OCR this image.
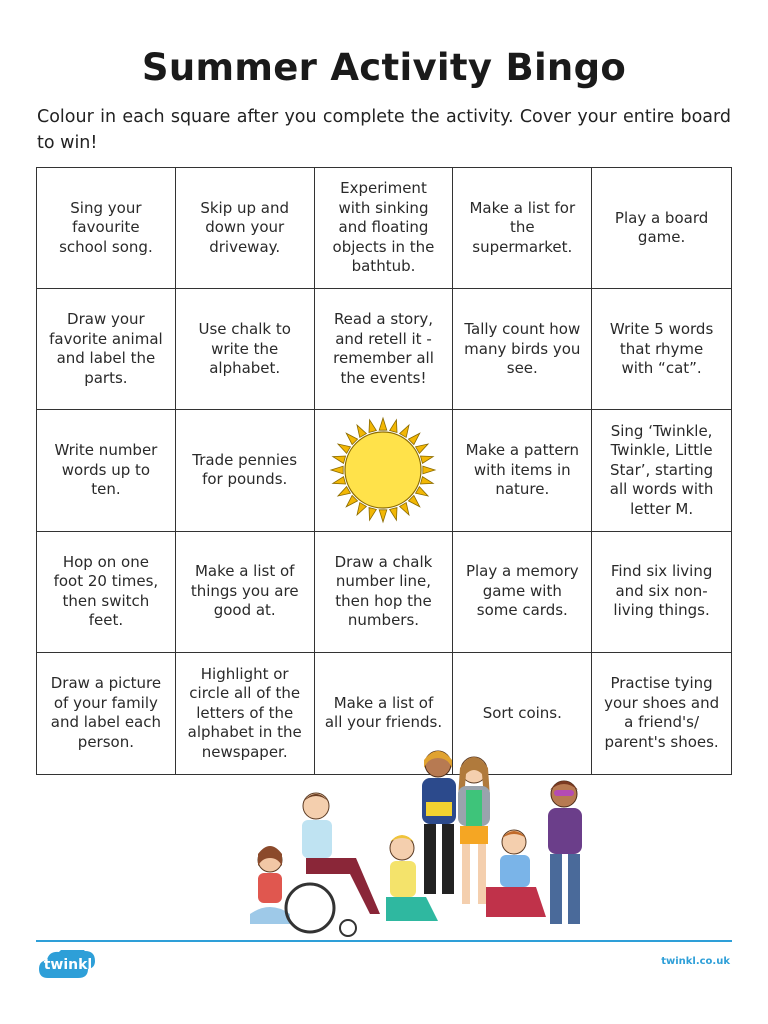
Summer Activity Bingo
Colour in each square after you complete the activity. Cover your entire board to win!
Sing your favourite school song.
Skip up and down your driveway.
Experiment with sinking and floating objects in the bathtub.
Make a list for the supermarket.
Play a board game.
Draw your favorite animal and label the parts.
Use chalk to write the alphabet.
Read a story, and retell it - remember all the events!
Tally count how many birds you see.
Write 5 words that rhyme with “cat”.
Write number words up to ten.
Trade pennies for pounds.
Make a pattern with items in nature.
Sing ‘Twinkle, Twinkle, Little Star’, starting all words with letter M.
Hop on one foot 20 times, then switch feet.
Make a list of things you are good at.
Draw a chalk number line, then hop the numbers.
Play a memory game with some cards.
Find six living and six non-living things.
Draw a picture of your family and label each person.
Highlight or circle all of the letters of the alphabet in the newspaper.
Make a list of all your friends.
Sort coins.
Practise tying your shoes and a friend's/ parent's shoes.
twinkl	twinkl.co.uk
